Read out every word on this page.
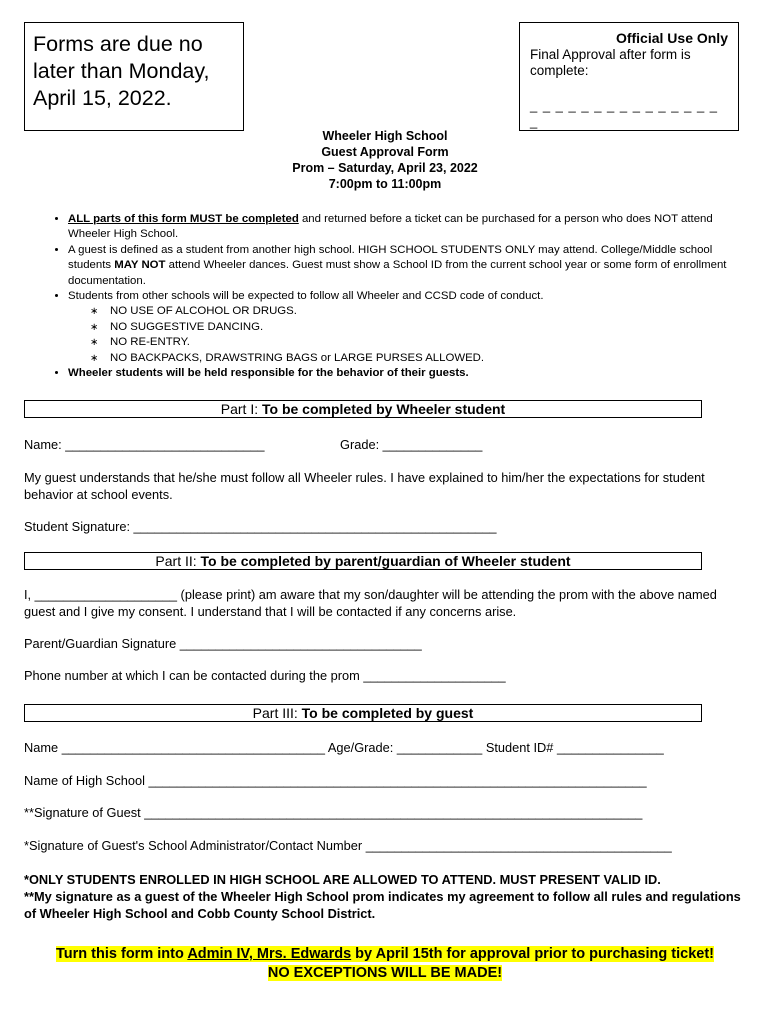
Forms are due no
later than Monday,
April 15, 2022.
Official Use Only
Final Approval after form is
complete:
_ _ _ _ _ _ _ _ _ _ _ _ _ _ _ _
Wheeler High School
Guest Approval Form
Prom – Saturday, April 23, 2022
7:00pm to 11:00pm
• ALL parts of this form MUST be completed and returned before a ticket can be purchased for a person who does NOT attend Wheeler High School.
• A guest is defined as a student from another high school. HIGH SCHOOL STUDENTS ONLY may attend. College/Middle school students MAY NOT attend Wheeler dances. Guest must show a School ID from the current school year or some form of enrollment documentation.
• Students from other schools will be expected to follow all Wheeler and CCSD code of conduct.
∗ NO USE OF ALCOHOL OR DRUGS.
∗ NO SUGGESTIVE DANCING.
∗ NO RE-ENTRY.
∗ NO BACKPACKS, DRAWSTRING BAGS or LARGE PURSES ALLOWED.
• Wheeler students will be held responsible for the behavior of their guests.
Part I: To be completed by Wheeler student
Name: ____________________________	Grade: ______________
My guest understands that he/she must follow all Wheeler rules. I have explained to him/her the expectations for student behavior at school events.
Student Signature: ___________________________________________________
Part II: To be completed by parent/guardian of Wheeler student
I, ____________________ (please print) am aware that my son/daughter will be attending the prom with the above named guest and I give my consent. I understand that I will be contacted if any concerns arise.
Parent/Guardian Signature __________________________________
Phone number at which I can be contacted during the prom ____________________
Part III: To be completed by guest
Name _____________________________________ Age/Grade: ____________ Student ID# _______________
Name of High School ______________________________________________________________________
**Signature of Guest ______________________________________________________________________
*Signature of Guest's School Administrator/Contact Number ___________________________________________
*ONLY STUDENTS ENROLLED IN HIGH SCHOOL ARE ALLOWED TO ATTEND. MUST PRESENT VALID ID.
**My signature as a guest of the Wheeler High School prom indicates my agreement to follow all rules and regulations of Wheeler High School and Cobb County School District.
Turn this form into Admin IV, Mrs. Edwards by April 15th for approval prior to purchasing ticket!
NO EXCEPTIONS WILL BE MADE!
